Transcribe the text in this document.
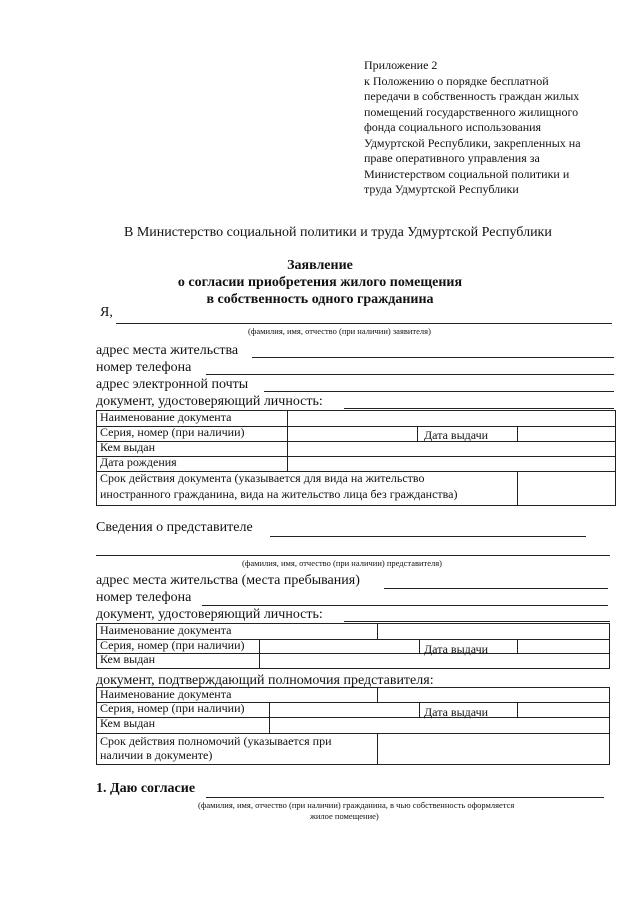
Приложение 2
к Положению о порядке бесплатной
передачи в собственность граждан жилых
помещений государственного жилищного
фонда социального использования
Удмуртской Республики, закрепленных на
праве оперативного управления за
Министерством социальной политики и
труда Удмуртской Республики
В Министерство социальной политики и труда Удмуртской Республики
Заявление
о согласии приобретения жилого помещения
в собственность одного гражданина
Я,
(фамилия, имя, отчество (при наличии) заявителя)
адрес места жительства
номер телефона
адрес электронной почты
документ, удостоверяющий личность:
Наименование документа
Серия, номер (при наличии)	Дата выдачи
Кем выдан
Дата рождения
Срок действия документа (указывается для вида на жительство
иностранного гражданина, вида на жительство лица без гражданства)
Сведения о представителе
(фамилия, имя, отчество (при наличии) представителя)
адрес места жительства (места пребывания)
номер телефона
документ, удостоверяющий личность:
Наименование документа
Серия, номер (при наличии)	Дата выдачи
Кем выдан
документ, подтверждающий полномочия представителя:
Наименование документа
Серия, номер (при наличии)	Дата выдачи
Кем выдан
Срок действия полномочий (указывается при
наличии в документе)
1. Даю согласие
(фамилия, имя, отчество (при наличии) гражданина, в чью собственность оформляется
жилое помещение)
